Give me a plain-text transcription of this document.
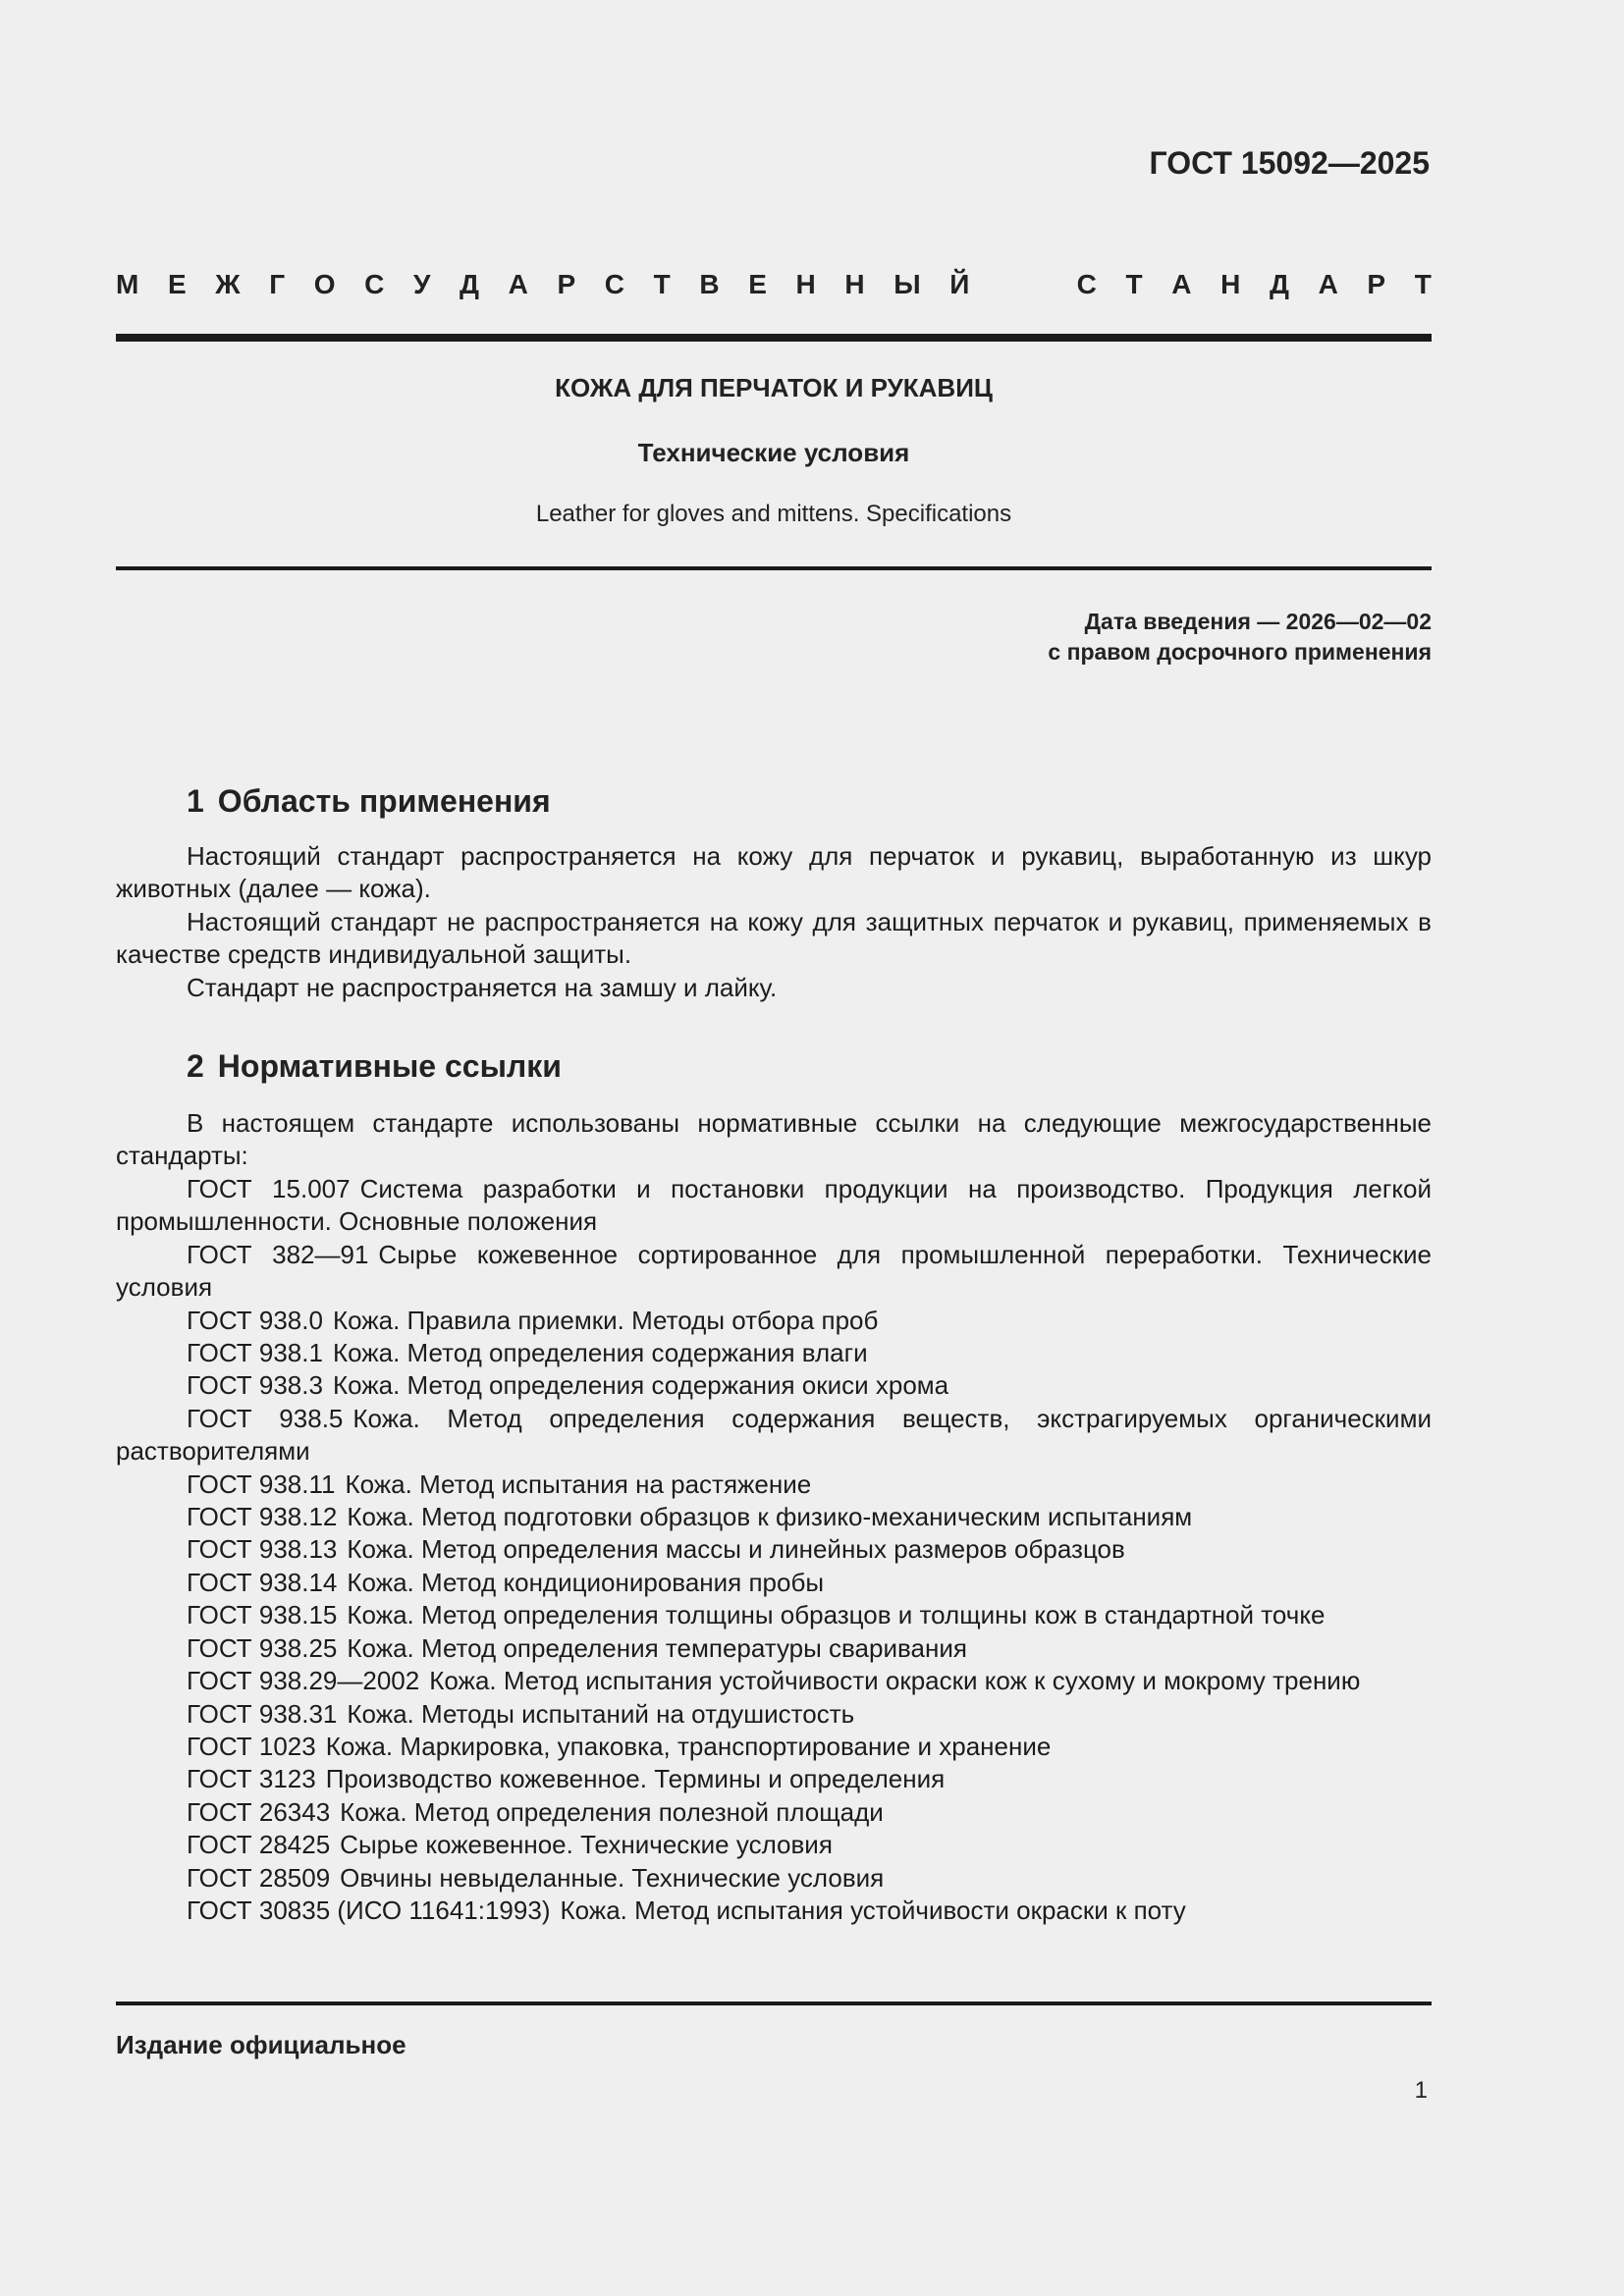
ГОСТ 15092—2025
М Е Ж Г О С У Д А Р С Т В Е Н Н Ы Й	С Т А Н Д А Р Т
КОЖА ДЛЯ ПЕРЧАТОК И РУКАВИЦ
Технические условия
Leather for gloves and mittens. Specifications
Дата введения — 2026—02—02
с правом досрочного применения
1 Область применения

Настоящий стандарт распространяется на кожу для перчаток и рукавиц, выработанную из шкур животных (далее — кожа).

Настоящий стандарт не распространяется на кожу для защитных перчаток и рукавиц, применяемых в качестве средств индивидуальной защиты.

Стандарт не распространяется на замшу и лайку.

2 Нормативные ссылки

В настоящем стандарте использованы нормативные ссылки на следующие межгосударственные стандарты:

ГОСТ 15.007 Система разработки и постановки продукции на производство. Продукция легкой промышленности. Основные положения

ГОСТ 382—91 Сырье кожевенное сортированное для промышленной переработки. Технические условия

ГОСТ 938.0 Кожа. Правила приемки. Методы отбора проб

ГОСТ 938.1 Кожа. Метод определения содержания влаги

ГОСТ 938.3 Кожа. Метод определения содержания окиси хрома

ГОСТ 938.5 Кожа. Метод определения содержания веществ, экстрагируемых органическими растворителями

ГОСТ 938.11 Кожа. Метод испытания на растяжение

ГОСТ 938.12 Кожа. Метод подготовки образцов к физико-механическим испытаниям

ГОСТ 938.13 Кожа. Метод определения массы и линейных размеров образцов

ГОСТ 938.14 Кожа. Метод кондиционирования пробы

ГОСТ 938.15 Кожа. Метод определения толщины образцов и толщины кож в стандартной точке

ГОСТ 938.25 Кожа. Метод определения температуры сваривания

ГОСТ 938.29—2002 Кожа. Метод испытания устойчивости окраски кож к сухому и мокрому трению

ГОСТ 938.31 Кожа. Методы испытаний на отдушистость

ГОСТ 1023 Кожа. Маркировка, упаковка, транспортирование и хранение

ГОСТ 3123 Производство кожевенное. Термины и определения

ГОСТ 26343 Кожа. Метод определения полезной площади

ГОСТ 28425 Сырье кожевенное. Технические условия

ГОСТ 28509 Овчины невыделанные. Технические условия

ГОСТ 30835 (ИСО 11641:1993) Кожа. Метод испытания устойчивости окраски к поту

Издание официальное
1
